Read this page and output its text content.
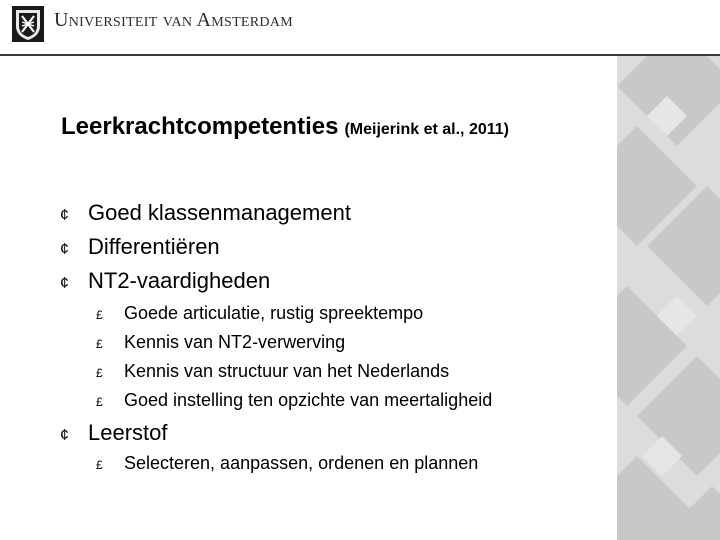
Universiteit van Amsterdam
Leerkrachtcompetenties (Meijerink et al., 2011)
¢ Goed klassenmanagement
¢ Differentiëren
¢ NT2-vaardigheden
£ Goede articulatie, rustig spreektempo
£ Kennis van NT2-verwerving
£ Kennis van structuur van het Nederlands
£ Goed instelling ten opzichte van meertaligheid
¢ Leerstof
£ Selecteren, aanpassen, ordenen en plannen
